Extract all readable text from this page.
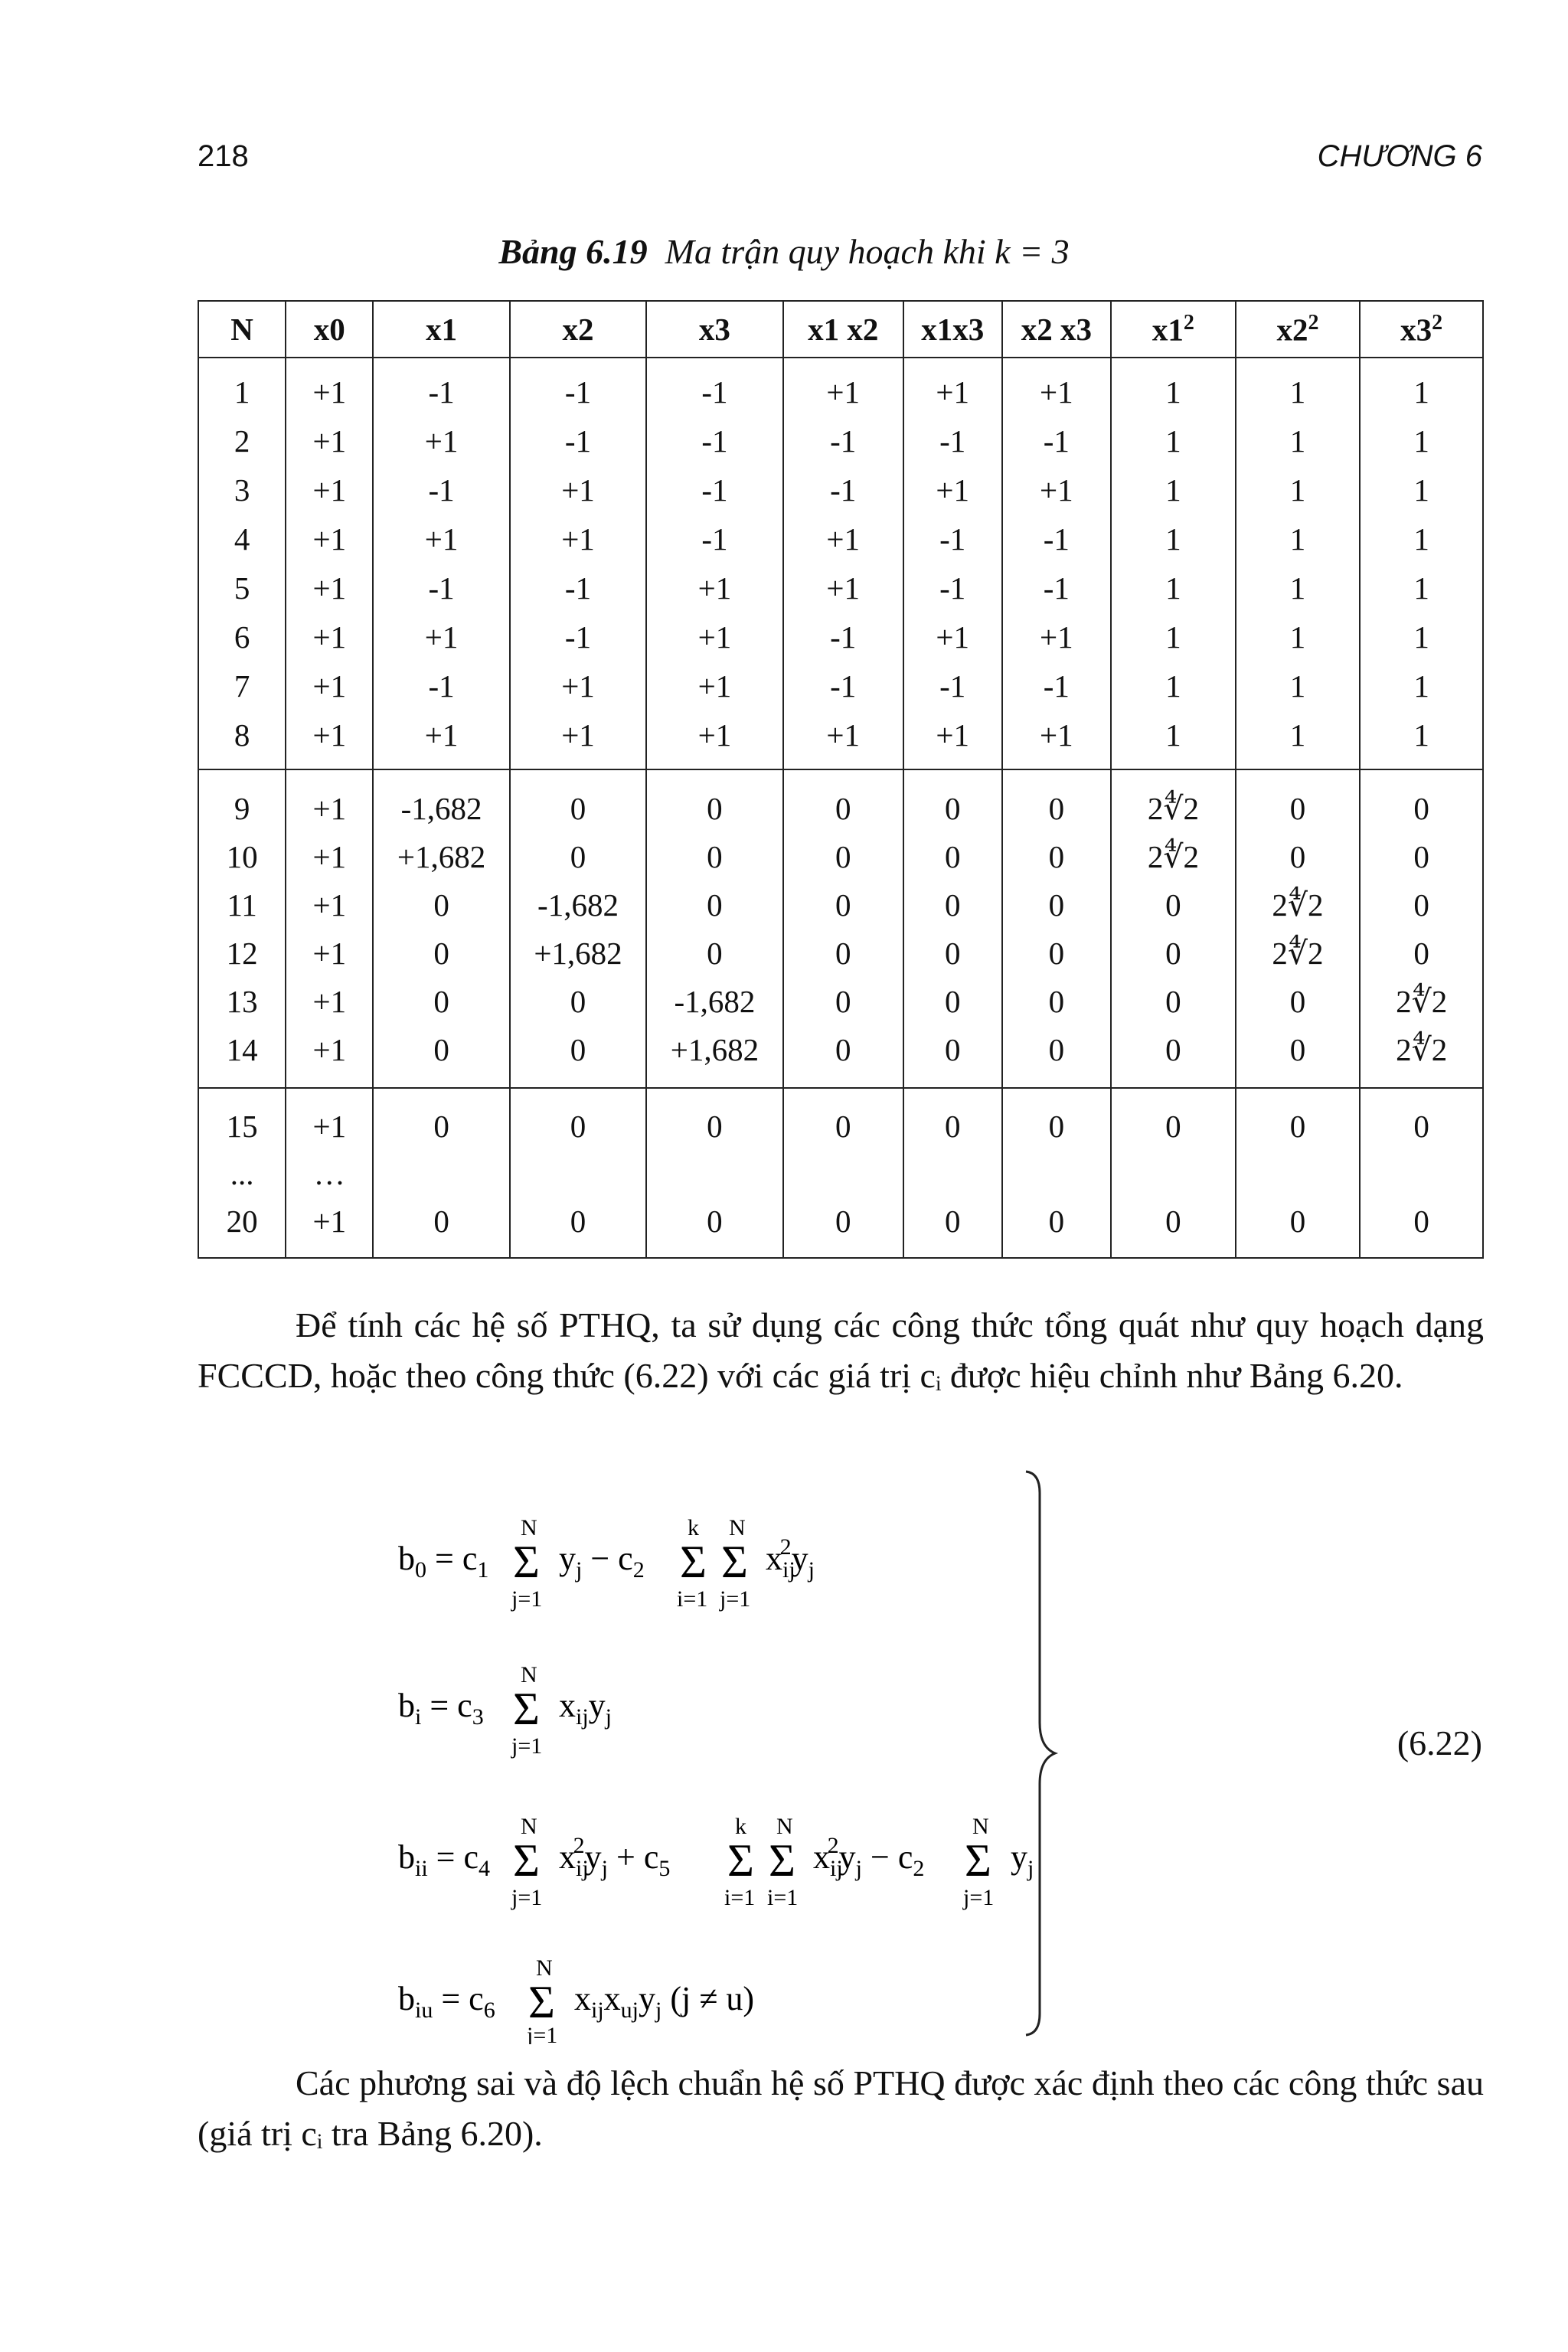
218	CHƯƠNG 6
Bảng 6.19 Ma trận quy hoạch khi k = 3
N	x0	x1	x2	x3	x1 x2	x1x3	x2 x3	$x1^2$	$x2^2$	$x3^2$
1	+1	-1	-1	-1	+1	+1	+1	1	1	1
2	+1	+1	-1	-1	-1	-1	-1	1	1	1
3	+1	-1	+1	-1	-1	+1	+1	1	1	1
4	+1	+1	+1	-1	+1	-1	-1	1	1	1
5	+1	-1	-1	+1	+1	-1	-1	1	1	1
6	+1	+1	-1	+1	-1	+1	+1	1	1	1
7	+1	-1	+1	+1	-1	-1	-1	1	1	1
8	+1	+1	+1	+1	+1	+1	+1	1	1	1
9	+1	-1,682	0	0	0	0	0	2∜2	0	0
10	+1	+1,682	0	0	0	0	0	2∜2	0	0
11	+1	0	-1,682	0	0	0	0	0	2∜2	0
12	+1	0	+1,682	0	0	0	0	0	2∜2	0
13	+1	0	0	-1,682	0	0	0	0	0	2∜2
14	+1	0	0	+1,682	0	0	0	0	0	2∜2
15	+1	0	0	0	0	0	0	0	0	0
...	…									
20	+1	0	0	0	0	0	0	0	0	0
Để tính các hệ số PTHQ, ta sử dụng các công thức tổng quát như quy hoạch dạng FCCCD, hoặc theo công thức (6.22) với các giá trị cᵢ được hiệu chỉnh như Bảng 6.20.
$b_0 = c_1$
N
Σ
j=1
$y_j - c_2$
k
Σ
i=1
N
Σ
j=1
$x_{ij}2y_j$
$b_i = c_3$
N
Σ
j=1
$x_{ij}y_j$
$b_{ii} = c_4$
N
Σ
j=1
$x_{ij}2y_j + c_5$
k
Σ
i=1
N
Σ
i=1
$x_{ij}2y_j - c_2$
N
Σ
j=1
$y_j$
$b_{iu} = c_6$
N
Σ
j=1
$x_{ij}x_{uj}y_j$ (j ≠ u)
(6.22)
Các phương sai và độ lệch chuẩn hệ số PTHQ được xác định theo các công thức sau (giá trị cᵢ tra Bảng 6.20).
